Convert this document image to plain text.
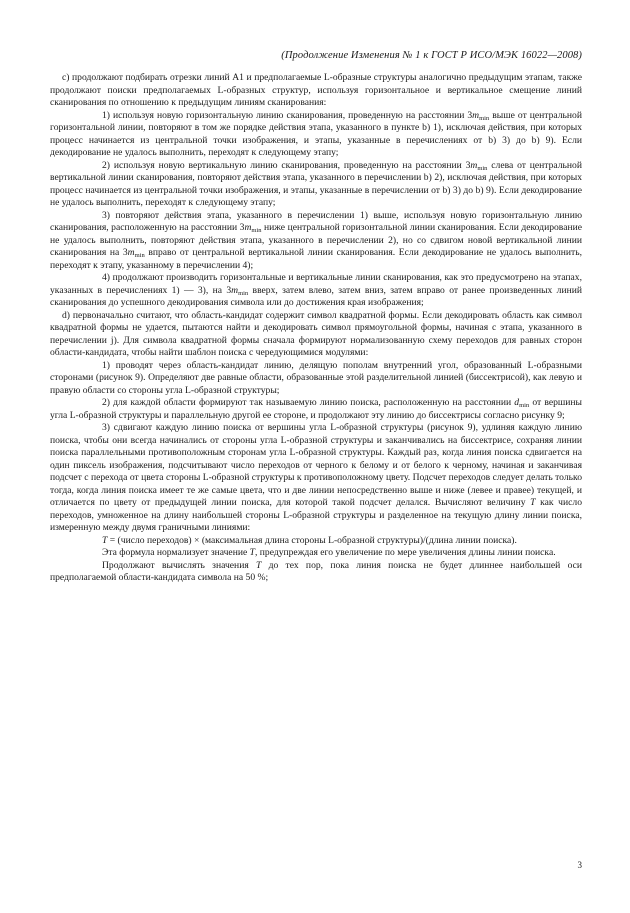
(Продолжение Изменения № 1 к ГОСТ Р ИСО/МЭК 16022—2008)

с) продолжают подбирать отрезки линий A1 и предполагаемые L-образные структуры аналогично предыдущим этапам, также продолжают поиски предполагаемых L-образных структур, используя горизонтальное и вертикальное смещение линий сканирования по отношению к предыдущим линиям сканирования:

1) используя новую горизонтальную линию сканирования, проведенную на расстоянии $3m_{min}$ выше от центральной горизонтальной линии, повторяют в том же порядке действия этапа, указанного в пункте b) 1), исключая действия, при которых процесс начинается из центральной точки изображения, и этапы, указанные в перечислениях от b) 3) до b) 9). Если декодирование не удалось выполнить, переходят к следующему этапу;

2) используя новую вертикальную линию сканирования, проведенную на расстоянии $3m_{min}$ слева от центральной вертикальной линии сканирования, повторяют действия этапа, указанного в перечислении b) 2), исключая действия, при которых процесс начинается из центральной точки изображения, и этапы, указанные в перечислении от b) 3) до b) 9). Если декодирование не удалось выполнить, переходят к следующему этапу;

3) повторяют действия этапа, указанного в перечислении 1) выше, используя новую горизонтальную линию сканирования, расположенную на расстоянии $3m_{min}$ ниже центральной горизонтальной линии сканирования. Если декодирование не удалось выполнить, повторяют действия этапа, указанного в перечислении 2), но со сдвигом новой вертикальной линии сканирования на $3m_{min}$ вправо от центральной вертикальной линии сканирования. Если декодирование не удалось выполнить, переходят к этапу, указанному в перечислении 4);

4) продолжают производить горизонтальные и вертикальные линии сканирования, как это предусмотрено на этапах, указанных в перечислениях 1) — 3), на $3m_{min}$ вверх, затем влево, затем вниз, затем вправо от ранее произведенных линий сканирования до успешного декодирования символа или до достижения края изображения;

d) первоначально считают, что область-кандидат содержит символ квадратной формы. Если декодировать область как символ квадратной формы не удается, пытаются найти и декодировать символ прямоугольной формы, начиная с этапа, указанного в перечислении j). Для символа квадратной формы сначала формируют нормализованную схему переходов для равных сторон области-кандидата, чтобы найти шаблон поиска с чередующимися модулями:

1) проводят через область-кандидат линию, делящую пополам внутренний угол, образованный L-образными сторонами (рисунок 9). Определяют две равные области, образованные этой разделительной линией (биссектрисой), как левую и правую области со стороны угла L-образной структуры;

2) для каждой области формируют так называемую линию поиска, расположенную на расстоянии $d_{min}$ от вершины угла L-образной структуры и параллельную другой ее стороне, и продолжают эту линию до биссектрисы согласно рисунку 9;

3) сдвигают каждую линию поиска от вершины угла L-образной структуры (рисунок 9), удлиняя каждую линию поиска, чтобы они всегда начинались от стороны угла L-образной структуры и заканчивались на биссектрисе, сохраняя линии поиска параллельными противоположным сторонам угла L-образной структуры. Каждый раз, когда линия поиска сдвигается на один пиксель изображения, подсчитывают число переходов от черного к белому и от белого к черному, начиная и заканчивая подсчет с перехода от цвета стороны L-образной структуры к противоположному цвету. Подсчет переходов следует делать только тогда, когда линия поиска имеет те же самые цвета, что и две линии непосредственно выше и ниже (левее и правее) текущей, и отличается по цвету от предыдущей линии поиска, для которой такой подсчет делался. Вычисляют величину T как число переходов, умноженное на длину наибольшей стороны L-образной структуры и разделенное на текущую длину линии поиска, измеренную между двумя граничными линиями:

T = (число переходов) × (максимальная длина стороны L-образной структуры)/(длина линии поиска).

Эта формула нормализует значение T, предупреждая его увеличение по мере увеличения длины линии поиска.

Продолжают вычислять значения T до тех пор, пока линия поиска не будет длиннее наибольшей оси предполагаемой области-кандидата символа на 50 %;

3
